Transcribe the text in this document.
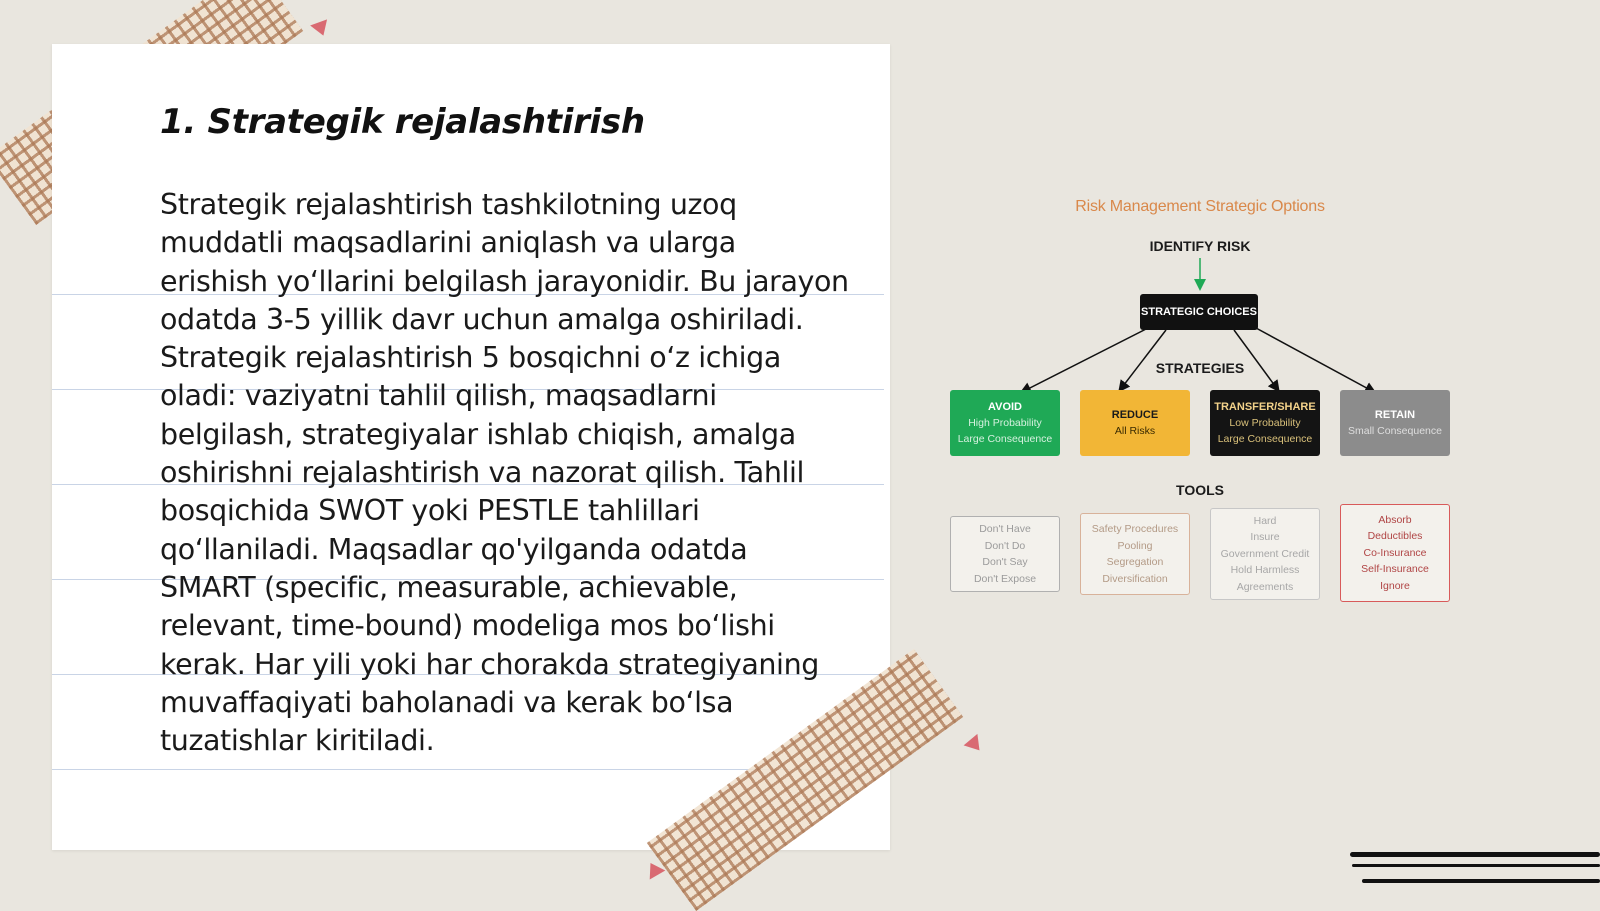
1. Strategik rejalashtirish

Strategik rejalashtirish tashkilotning uzoq muddatli maqsadlarini aniqlash va ularga erishish yo‘llarini belgilash jarayonidir. Bu jarayon odatda 3-5 yillik davr uchun amalga oshiriladi. Strategik rejalashtirish 5 bosqichni o‘z ichiga oladi: vaziyatni tahlil qilish, maqsadlarni belgilash, strategiyalar ishlab chiqish, amalga oshirishni rejalashtirish va nazorat qilish. Tahlil bosqichida SWOT yoki PESTLE tahlillari qo‘llaniladi. Maqsadlar qo'yilganda odatda SMART (specific, measurable, achievable, relevant, time-bound) modeliga mos bo‘lishi kerak. Har yili yoki har chorakda strategiyaning muvaffaqiyati baholanadi va kerak bo‘lsa tuzatishlar kiritiladi.

Risk Management Strategic Options
IDENTIFY RISK
STRATEGIC CHOICES
STRATEGIES
AVOID
High Probability
Large Consequence
REDUCE
All Risks
TRANSFER/SHARE
Low Probability
Large Consequence
RETAIN
Small Consequence
TOOLS
Don't Have
Don't Do
Don't Say
Don't Expose
Safety Procedures
Pooling
Segregation
Diversification
Hard
Insure
Government Credit
Hold Harmless
Agreements
Absorb
Deductibles
Co-Insurance
Self-Insurance
Ignore
